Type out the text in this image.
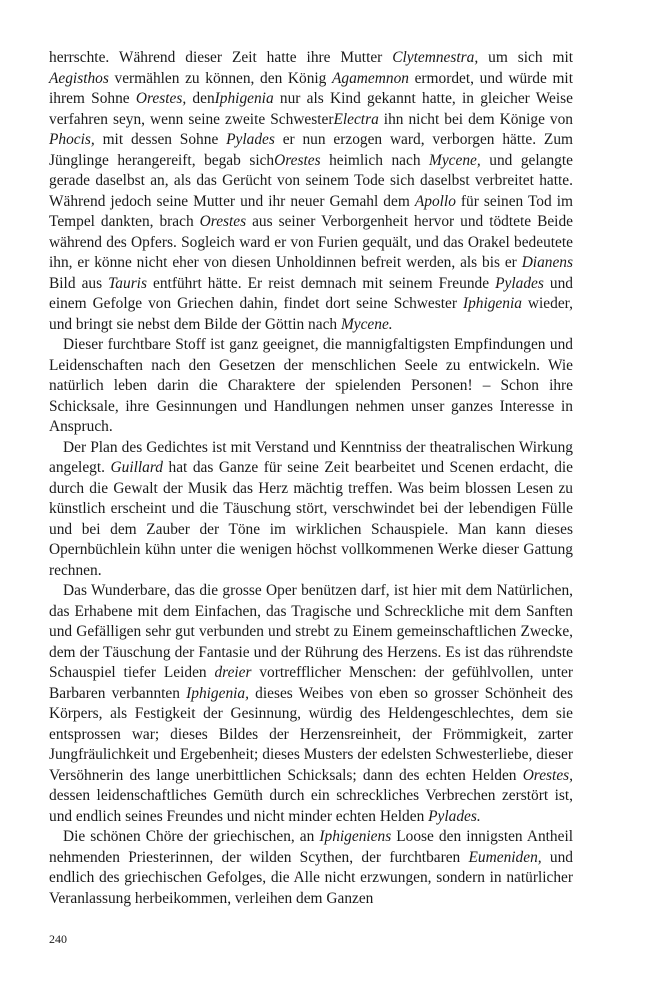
herrschte. Während dieser Zeit hatte ihre Mutter Clytemnestra, um sich mit Aegisthos vermählen zu können, den König Agamemnon ermordet, und würde mit ihrem Sohne Orestes, denIphigenia nur als Kind gekannt hatte, in gleicher Weise verfahren seyn, wenn seine zweite SchwesterElectra ihn nicht bei dem Könige von Phocis, mit dessen Sohne Pylades er nun erzogen ward, verborgen hätte. Zum Jünglinge herangereift, begab sichOrestes heimlich nach Mycene, und gelangte gerade daselbst an, als das Gerücht von seinem Tode sich daselbst verbreitet hatte. Während jedoch seine Mutter und ihr neuer Gemahl dem Apollo für seinen Tod im Tempel dankten, brach Orestes aus seiner Verborgenheit hervor und tödtete Beide während des Opfers. Sogleich ward er von Furien gequält, und das Orakel bedeutete ihn, er könne nicht eher von diesen Unholdinnen befreit werden, als bis er Dianens Bild aus Tauris entführt hätte. Er reist demnach mit seinem Freunde Pylades und einem Gefolge von Griechen dahin, findet dort seine Schwester Iphigenia wieder, und bringt sie nebst dem Bilde der Göttin nach Mycene.

Dieser furchtbare Stoff ist ganz geeignet, die mannigfaltigsten Empfindungen und Leidenschaften nach den Gesetzen der menschlichen Seele zu entwickeln. Wie natürlich leben darin die Charaktere der spielenden Personen! – Schon ihre Schicksale, ihre Gesinnungen und Handlungen nehmen unser ganzes Interesse in Anspruch.

Der Plan des Gedichtes ist mit Verstand und Kenntniss der theatralischen Wirkung angelegt. Guillard hat das Ganze für seine Zeit bearbeitet und Scenen erdacht, die durch die Gewalt der Musik das Herz mächtig treffen. Was beim blossen Lesen zu künstlich erscheint und die Täuschung stört, verschwindet bei der lebendigen Fülle und bei dem Zauber der Töne im wirklichen Schauspiele. Man kann dieses Opernbüchlein kühn unter die wenigen höchst vollkommenen Werke dieser Gattung rechnen.

Das Wunderbare, das die grosse Oper benützen darf, ist hier mit dem Natürlichen, das Erhabene mit dem Einfachen, das Tragische und Schreckliche mit dem Sanften und Gefälligen sehr gut verbunden und strebt zu Einem gemeinschaftlichen Zwecke, dem der Täuschung der Fantasie und der Rührung des Herzens. Es ist das rührendste Schauspiel tiefer Leiden dreier vortrefflicher Menschen: der gefühlvollen, unter Barbaren verbannten Iphigenia, dieses Weibes von eben so grosser Schönheit des Körpers, als Festigkeit der Gesinnung, würdig des Heldengeschlechtes, dem sie entsprossen war; dieses Bildes der Herzensreinheit, der Frömmigkeit, zarter Jungfräulichkeit und Ergebenheit; dieses Musters der edelsten Schwesterliebe, dieser Versöhnerin des lange unerbittlichen Schicksals; dann des echten Helden Orestes, dessen leidenschaftliches Gemüth durch ein schreckliches Verbrechen zerstört ist, und endlich seines Freundes und nicht minder echten Helden Pylades.

Die schönen Chöre der griechischen, an Iphigeniens Loose den innigsten Antheil nehmenden Priesterinnen, der wilden Scythen, der furchtbaren Eumeniden, und endlich des griechischen Gefolges, die Alle nicht erzwungen, sondern in natürlicher Veranlassung herbeikommen, verleihen dem Ganzen

240
